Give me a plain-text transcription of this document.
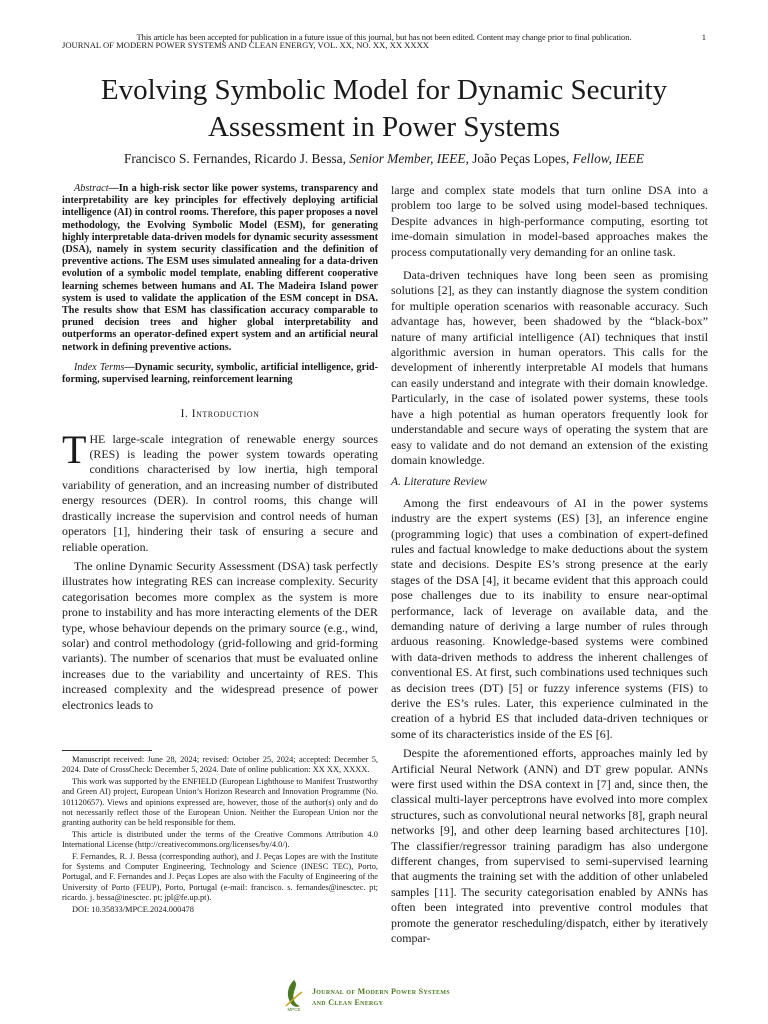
This article has been accepted for publication in a future issue of this journal, but has not been edited. Content may change prior to final publication.
JOURNAL OF MODERN POWER SYSTEMS AND CLEAN ENERGY, VOL. XX, NO. XX, XX XXXX
1
Evolving Symbolic Model for Dynamic Security Assessment in Power Systems
Francisco S. Fernandes, Ricardo J. Bessa, Senior Member, IEEE, João Peças Lopes, Fellow, IEEE

Abstract—In a high-risk sector like power systems, transparency and interpretability are key principles for effectively deploying artificial intelligence (AI) in control rooms. Therefore, this paper proposes a novel methodology, the Evolving Symbolic Model (ESM), for generating highly interpretable data-driven models for dynamic security assessment (DSA), namely in system security classification and the definition of preventive actions. The ESM uses simulated annealing for a data-driven evolution of a symbolic model template, enabling different cooperative learning schemes between humans and AI. The Madeira Island power system is used to validate the application of the ESM concept in DSA. The results show that ESM has classification accuracy comparable to pruned decision trees and higher global interpretability and outperforms an operator-defined expert system and an artificial neural network in defining preventive actions.

Index Terms—Dynamic security, symbolic, artificial intelligence, grid-forming, supervised learning, reinforcement learning

I. Introduction

THE large-scale integration of renewable energy sources (RES) is leading the power system towards operating conditions characterised by low inertia, high temporal variability of generation, and an increasing number of distributed energy resources (DER). In control rooms, this change will drastically increase the supervision and control needs of human operators [1], hindering their task of ensuring a secure and reliable operation.

The online Dynamic Security Assessment (DSA) task perfectly illustrates how integrating RES can increase complexity. Security categorisation becomes more complex as the system is more prone to instability and has more interacting elements of the DER type, whose behaviour depends on the primary source (e.g., wind, solar) and control methodology (grid-following and grid-forming variants). The number of scenarios that must be evaluated online increases due to the variability and uncertainty of RES. This increased complexity and the widespread presence of power electronics leads to

large and complex state models that turn online DSA into a problem too large to be solved using model-based techniques. Despite advances in high-performance computing, esorting tot ime-domain simulation in model-based approaches makes the process computationally very demanding for an online task.

Data-driven techniques have long been seen as promising solutions [2], as they can instantly diagnose the system condition for multiple operation scenarios with reasonable accuracy. Such advantage has, however, been shadowed by the “black-box” nature of many artificial intelligence (AI) techniques that instil algorithmic aversion in human operators. This calls for the development of inherently interpretable AI models that humans can easily understand and integrate with their domain knowledge. Particularly, in the case of isolated power systems, these tools have a high potential as human operators frequently look for understandable and secure ways of operating the system that are easy to validate and do not demand an extension of the existing domain knowledge.

A. Literature Review

Among the first endeavours of AI in the power systems industry are the expert systems (ES) [3], an inference engine (programming logic) that uses a combination of expert-defined rules and factual knowledge to make deductions about the system state and decisions. Despite ES’s strong presence at the early stages of the DSA [4], it became evident that this approach could pose challenges due to its inability to ensure near-optimal performance, lack of leverage on available data, and the demanding nature of deriving a large number of rules through arduous reasoning. Knowledge-based systems were combined with data-driven methods to address the inherent challenges of conventional ES. At first, such combinations used techniques such as decision trees (DT) [5] or fuzzy inference systems (FIS) to derive the ES’s rules. Later, this experience culminated in the creation of a hybrid ES that included data-driven techniques or some of its characteristics inside of the ES [6].

Despite the aforementioned efforts, approaches mainly led by Artificial Neural Network (ANN) and DT grew popular. ANNs were first used within the DSA context in [7] and, since then, the classical multi-layer perceptrons have evolved into more complex structures, such as convolutional neural networks [8], graph neural networks [9], and other deep learning based architectures [10]. The classifier/regressor training paradigm has also undergone different changes, from supervised to semi-supervised learning that augments the training set with the addition of other unlabeled samples [11]. The security categorisation enabled by ANNs has often been integrated into preventive control modules that promote the generator rescheduling/dispatch, either by iteratively compar-

Manuscript received: June 28, 2024; revised: October 25, 2024; accepted: December 5, 2024. Date of CrossCheck: December 5, 2024. Date of online publication: XX XX, XXXX.

This work was supported by the ENFIELD (European Lighthouse to Manifest Trustworthy and Green AI) project, European Union’s Horizon Research and Innovation Programme (No. 101120657). Views and opinions expressed are, however, those of the author(s) only and do not necessarily reflect those of the European Union. Neither the European Union nor the granting authority can be held responsible for them.

This article is distributed under the terms of the Creative Commons Attribution 4.0 International License (http://creativecommons.org/licenses/by/4.0/).

F. Fernandes, R. J. Bessa (corresponding author), and J. Peças Lopes are with the Institute for Systems and Computer Engineering, Technology and Science (INESC TEC), Porto, Portugal, and F. Fernandes and J. Peças Lopes are also with the Faculty of Engineering of the University of Porto (FEUP), Porto, Portugal (e-mail: francisco. s. fernandes@inesctec. pt; ricardo. j. bessa@inesctec. pt; jpl@fe.up.pt).

DOI: 10.35833/MPCE.2024.000478

MPCE
Journal of Modern Power Systems
and Clean Energy
